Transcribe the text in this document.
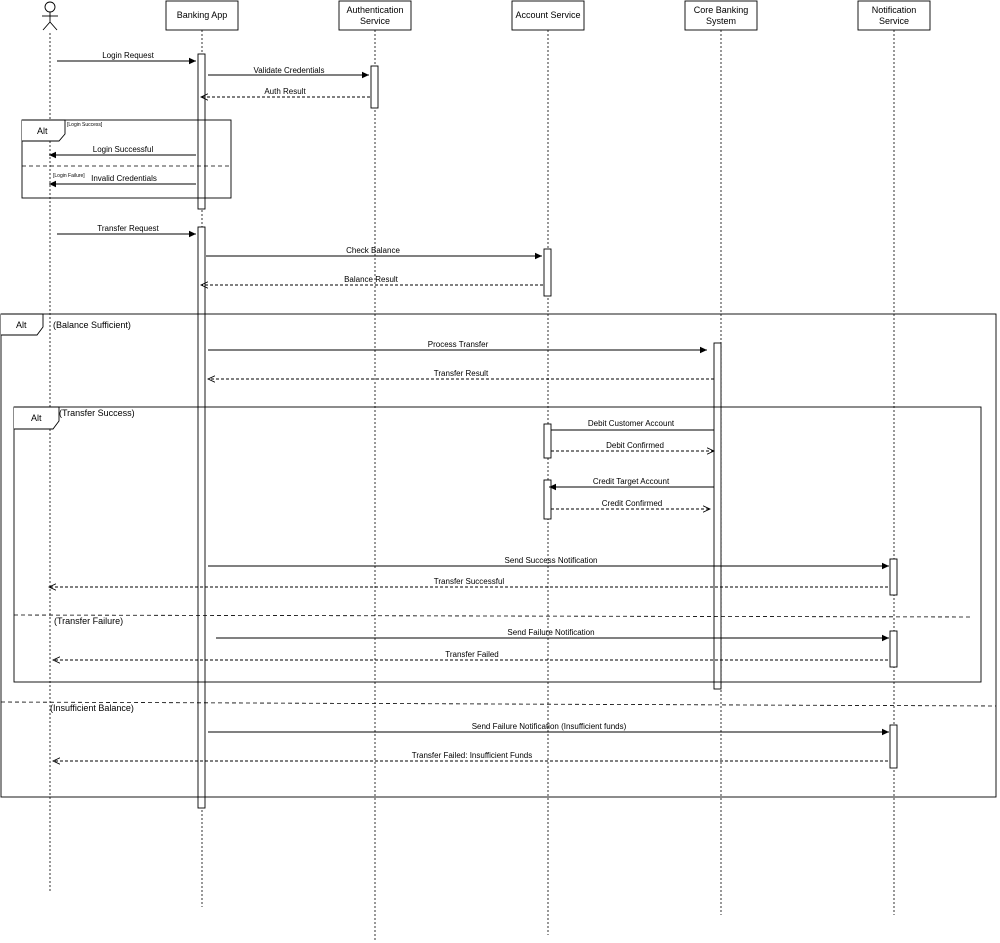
Banking App	Authentication
Service
Account Service	Core Banking
System
Notification
Service
Alt
[Login Success]
[Login Failure]
Alt	(Balance Sufficient)
(Insufficient Balance)
Alt (Transfer Success)
(Transfer Failure)
Login Request
Validate Credentials
Auth Result
Login Successful
Invalid Credentials
Transfer Request
Check Balance
Balance Result
Process Transfer
Transfer Result
Debit Customer Account
Debit Confirmed
Credit Target Account
Credit Confirmed
Send Success Notification
Transfer Successful
Send Failure Notification
Transfer Failed
Send Failure Notification (Insufficient funds)
Transfer Failed: Insufficient Funds
